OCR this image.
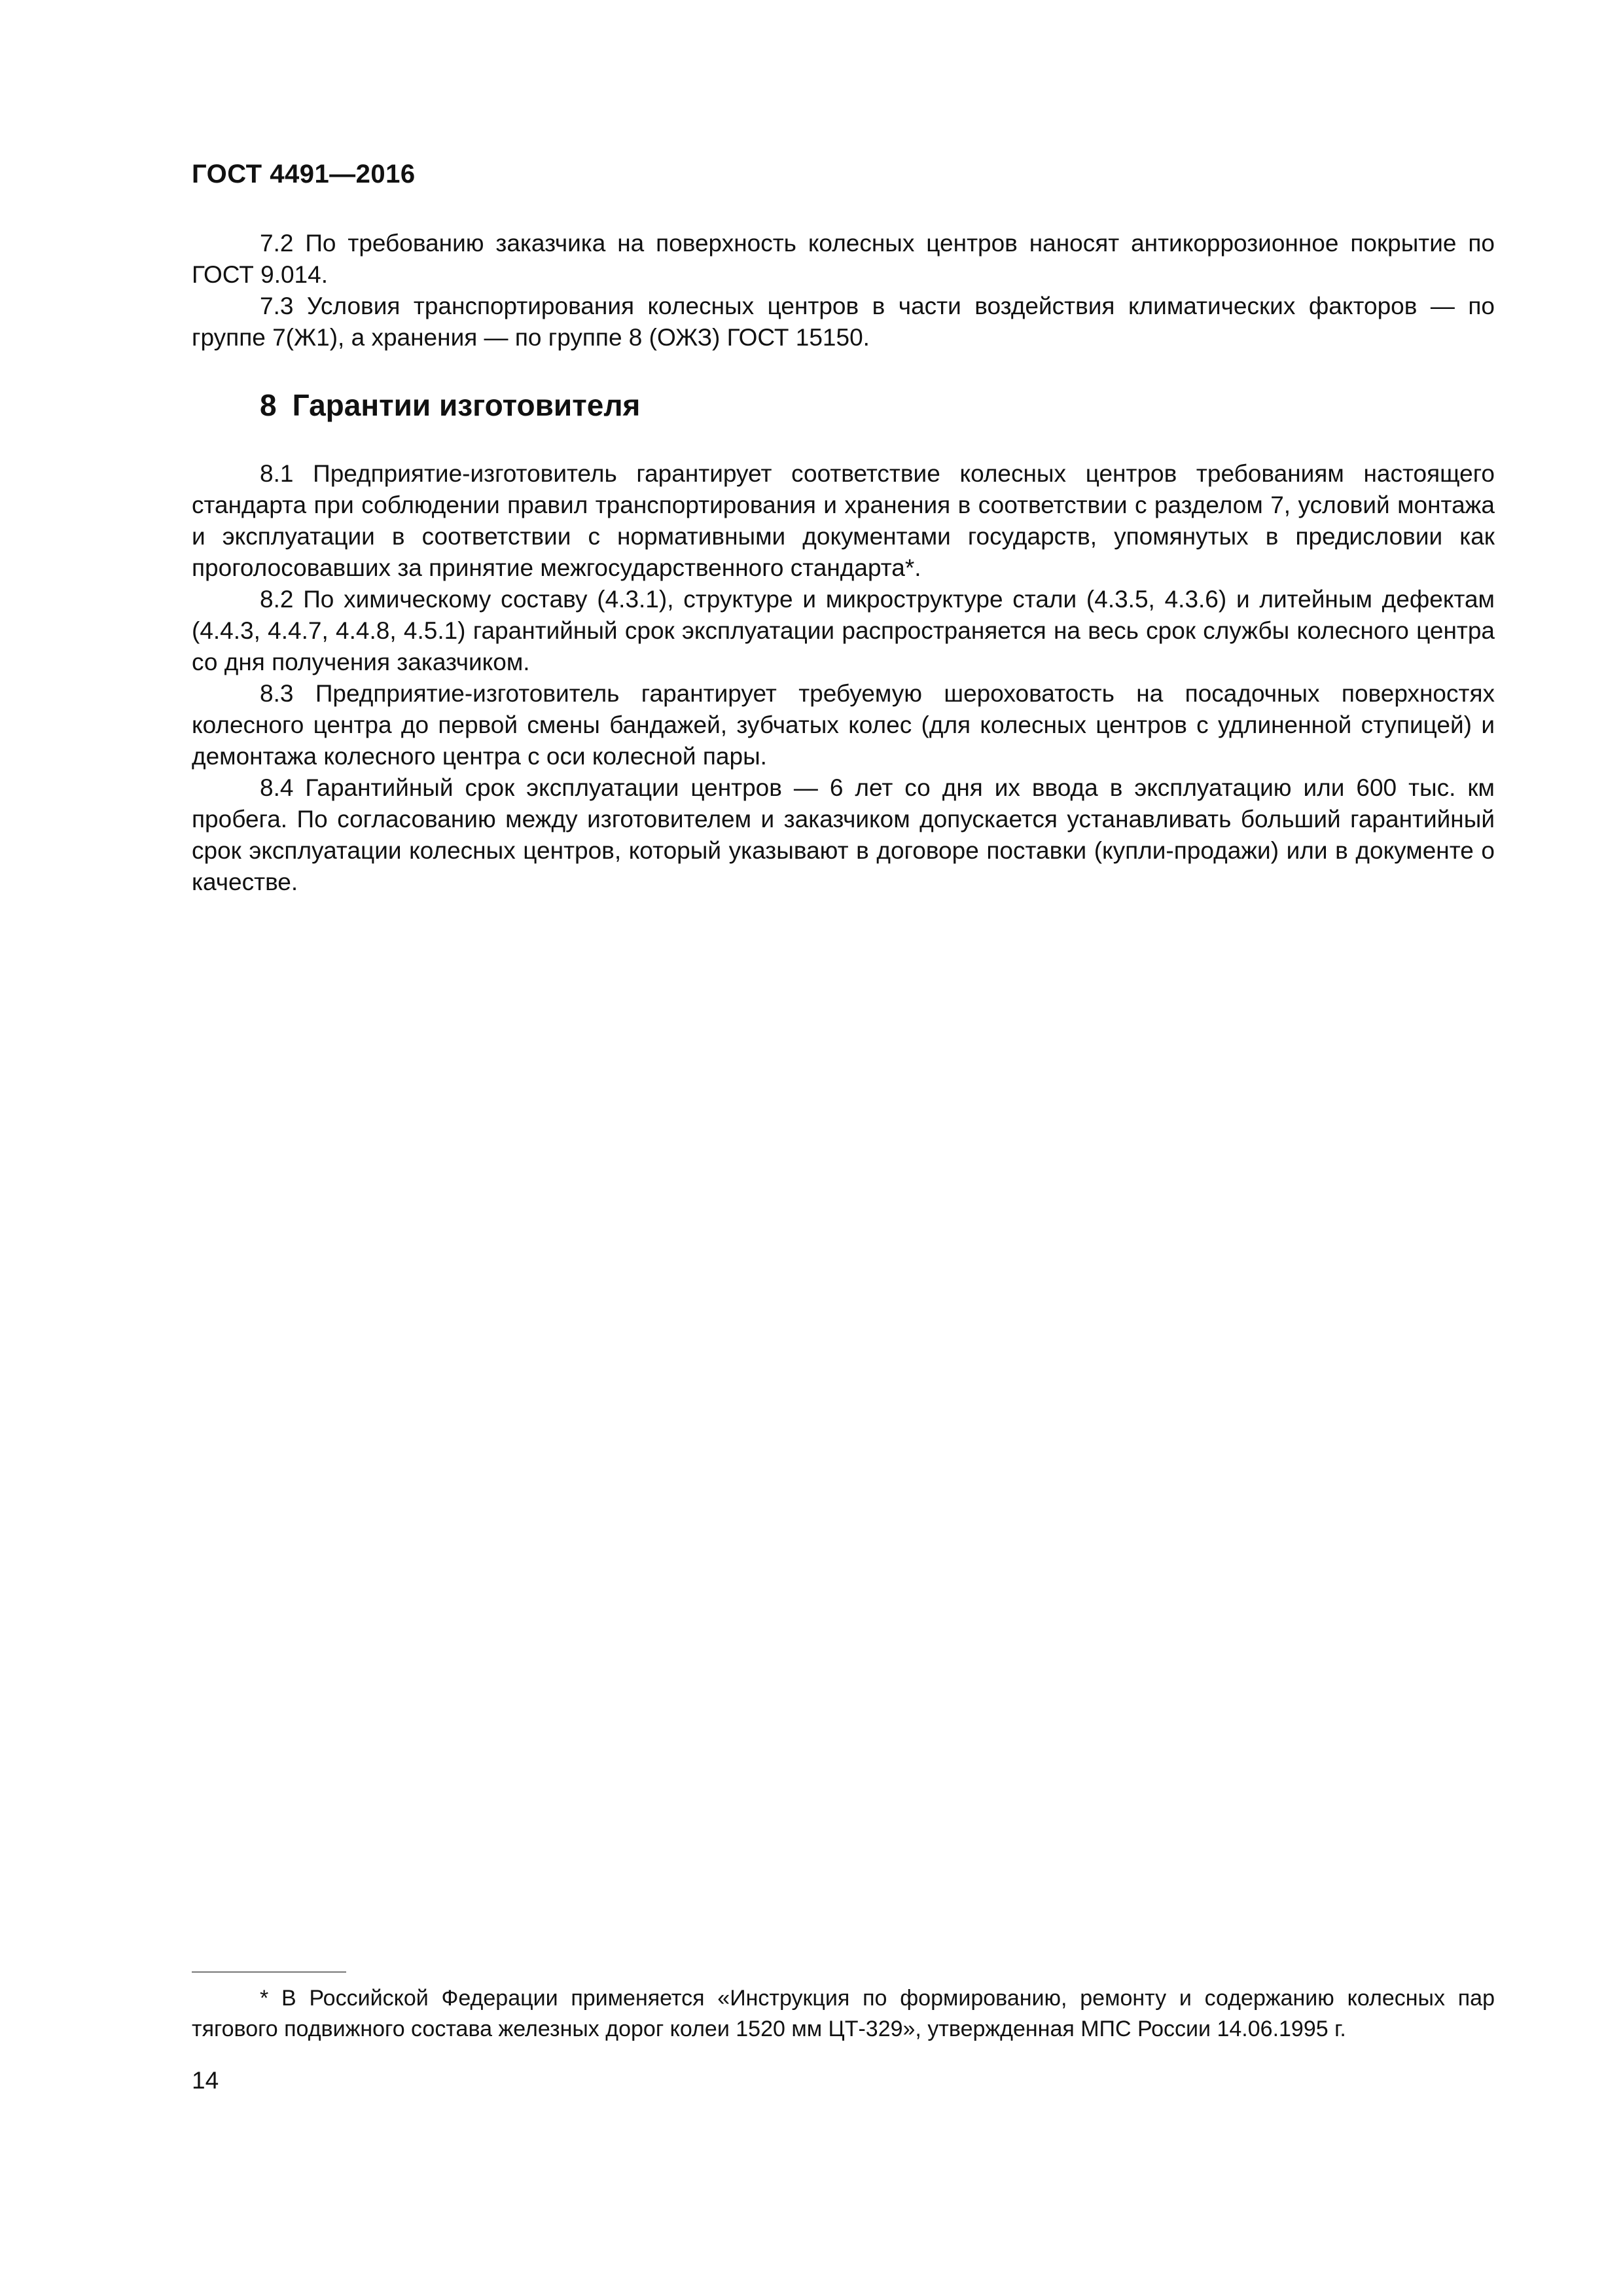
ГОСТ 4491—2016

7.2 По требованию заказчика на поверхность колесных центров наносят антикоррозионное покрытие по ГОСТ 9.014.

7.3 Условия транспортирования колесных центров в части воздействия климатических факторов — по группе 7(Ж1), а хранения — по группе 8 (ОЖЗ) ГОСТ 15150.

8 Гарантии изготовителя

8.1 Предприятие-изготовитель гарантирует соответствие колесных центров требованиям настоящего стандарта при соблюдении правил транспортирования и хранения в соответствии с разделом 7, условий монтажа и эксплуатации в соответствии с нормативными документами государств, упомянутых в предисловии как проголосовавших за принятие межгосударственного стандарта*.

8.2 По химическому составу (4.3.1), структуре и микроструктуре стали (4.3.5, 4.3.6) и литейным дефектам (4.4.3, 4.4.7, 4.4.8, 4.5.1) гарантийный срок эксплуатации распространяется на весь срок службы колесного центра со дня получения заказчиком.

8.3 Предприятие-изготовитель гарантирует требуемую шероховатость на посадочных поверхностях колесного центра до первой смены бандажей, зубчатых колес (для колесных центров с удлиненной ступицей) и демонтажа колесного центра с оси колесной пары.

8.4 Гарантийный срок эксплуатации центров — 6 лет со дня их ввода в эксплуатацию или 600 тыс. км пробега. По согласованию между изготовителем и заказчиком допускается устанавливать больший гарантийный срок эксплуатации колесных центров, который указывают в договоре поставки (купли-продажи) или в документе о качестве.

* В Российской Федерации применяется «Инструкция по формированию, ремонту и содержанию колесных пар тягового подвижного состава железных дорог колеи 1520 мм ЦТ-329», утвержденная МПС России 14.06.1995 г.

14
